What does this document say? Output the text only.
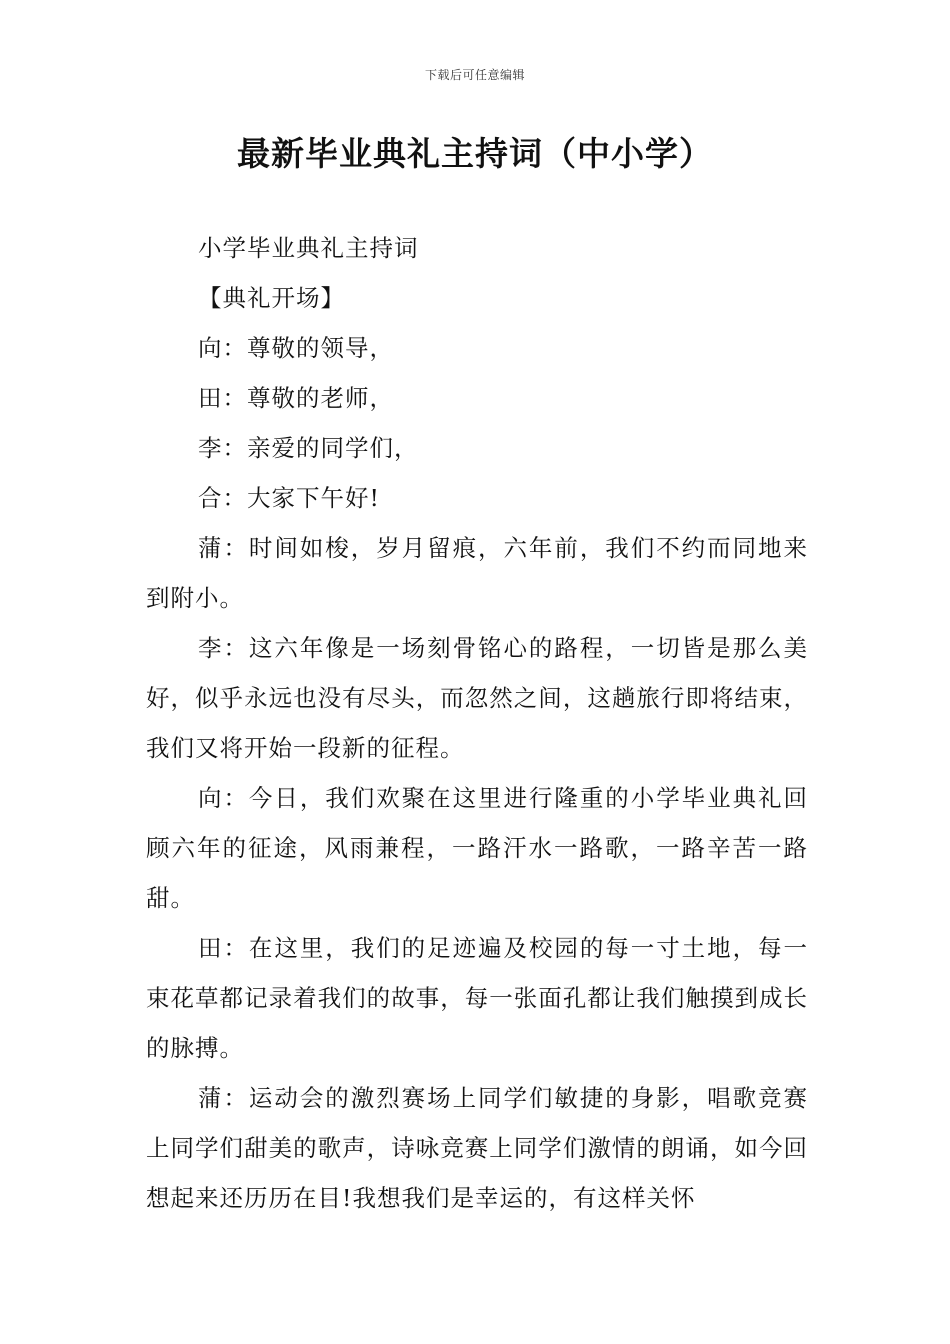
下载后可任意编辑
最新毕业典礼主持词（中小学）

小学毕业典礼主持词

【典礼开场】

向：尊敬的领导，

田：尊敬的老师，

李：亲爱的同学们，

合：大家下午好!

蒲：时间如梭，岁月留痕，六年前，我们不约而同地来到附小。

李：这六年像是一场刻骨铭心的路程，一切皆是那么美好，似乎永远也没有尽头，而忽然之间，这趟旅行即将结束，我们又将开始一段新的征程。

向：今日，我们欢聚在这里进行隆重的小学毕业典礼回顾六年的征途，风雨兼程，一路汗水一路歌，一路辛苦一路甜。

田：在这里，我们的足迹遍及校园的每一寸土地，每一束花草都记录着我们的故事，每一张面孔都让我们触摸到成长的脉搏。

蒲：运动会的激烈赛场上同学们敏捷的身影，唱歌竞赛上同学们甜美的歌声，诗咏竞赛上同学们激情的朗诵，如今回想起来还历历在目!我想我们是幸运的，有这样关怀
